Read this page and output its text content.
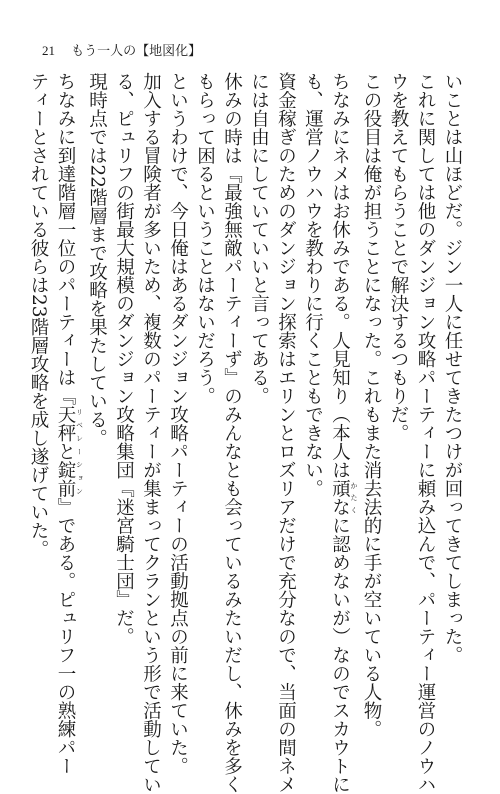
21 もう一人の【地図化】
いことは山ほどだ。ジン一人に任せてきたつけが回ってきてしまった。
これに関しては他のダンジョン攻略パーティーに頼み込んで、パーティー運営のノウハ
ウを教えてもらうことで解決するつもりだ。
この役目は俺が担うことになった。これもまた消去法的に手が空いている人物。
ちなみにネメはお休みである。人見知り（本人は頑な かたくに認めないが）なのでスカウトに
も、運営ノウハウを教わりに行くこともできない。
資金稼ぎのためのダンジョン探索はエリンとロズリアだけで充分なので、当面の間ネメ
には自由にしていていいと言ってある。
休みの時は『最強無敵パーティーず』のみんなとも会っているみたいだし、休みを多く
もらって困るということはないだろう。
というわけで、今日俺はあるダンジョン攻略パーティーの活動拠点の前に来ていた。
加入する冒険者が多いため、複数のパーティーが集まってクランという形で活動してい
る、ピュリフの街最大規模のダンジョン攻略集団『迷宮騎士団』だ。
現時点では22階層まで攻略を果たしている。
ちなみに到達階層一位のパーティーは『天秤と錠前 リベレーション』である。ピュリフ一の熟練パー
ティーとされている彼らは23階層攻略を成し遂げていた。
